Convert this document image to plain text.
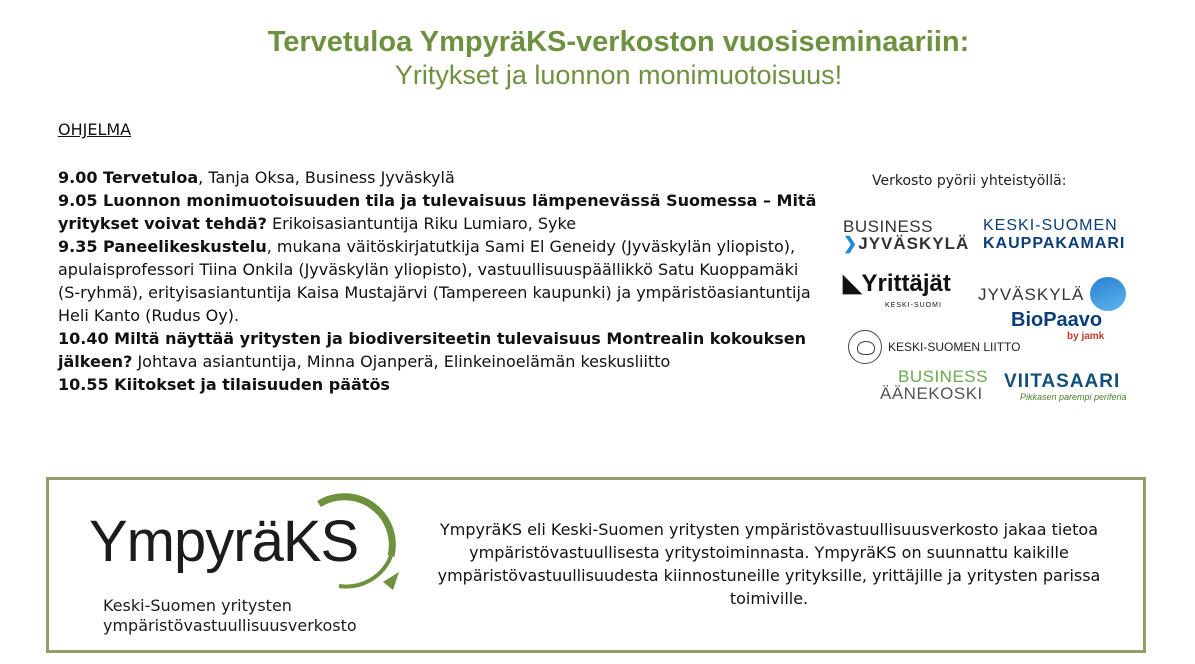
Tervetuloa YmpyräKS-verkoston vuosiseminaariin:
Yritykset ja luonnon monimuotoisuus!
OHJELMA
9.00 Tervetuloa, Tanja Oksa, Business Jyväskylä
9.05 Luonnon monimuotoisuuden tila ja tulevaisuus lämpenevässä Suomessa – Mitä yritykset voivat tehdä? Erikoisasiantuntija Riku Lumiaro, Syke
9.35 Paneelikeskustelu, mukana väitöskirjatutkija Sami El Geneidy (Jyväskylän yliopisto), apulaisprofessori Tiina Onkila (Jyväskylän yliopisto), vastuullisuuspäällikkö Satu Kuoppamäki (S-ryhmä), erityisasiantuntija Kaisa Mustajärvi (Tampereen kaupunki) ja ympäristöasiantuntija Heli Kanto (Rudus Oy).
10.40 Miltä näyttää yritysten ja biodiversiteetin tulevaisuus Montrealin kokouksen jälkeen? Johtava asiantuntija, Minna Ojanperä, Elinkeinoelämän keskusliitto
10.55 Kiitokset ja tilaisuuden päätös
Verkosto pyörii yhteistyöllä:
BUSINESS
❯JYVÄSKYLÄ
KESKI-SUOMEN
KAUPPAKAMARI
◣Yrittäjät
KESKI-SUOMI
JYVÄSKYLÄ
BioPaavo
by jamk
KESKI-SUOMEN LIITTO
BUSINESS
ÄÄNEKOSKI
VIITASAARI
Pikkasen parempi periferia
YmpyräKS
Keski-Suomen yritysten
ympäristövastuullisuusverkosto
YmpyräKS eli Keski-Suomen yritysten ympäristövastuullisuusverkosto jakaa tietoa ympäristövastuullisesta yritystoiminnasta. YmpyräKS on suunnattu kaikille ympäristövastuullisuudesta kiinnostuneille yrityksille, yrittäjille ja yritysten parissa toimiville.
